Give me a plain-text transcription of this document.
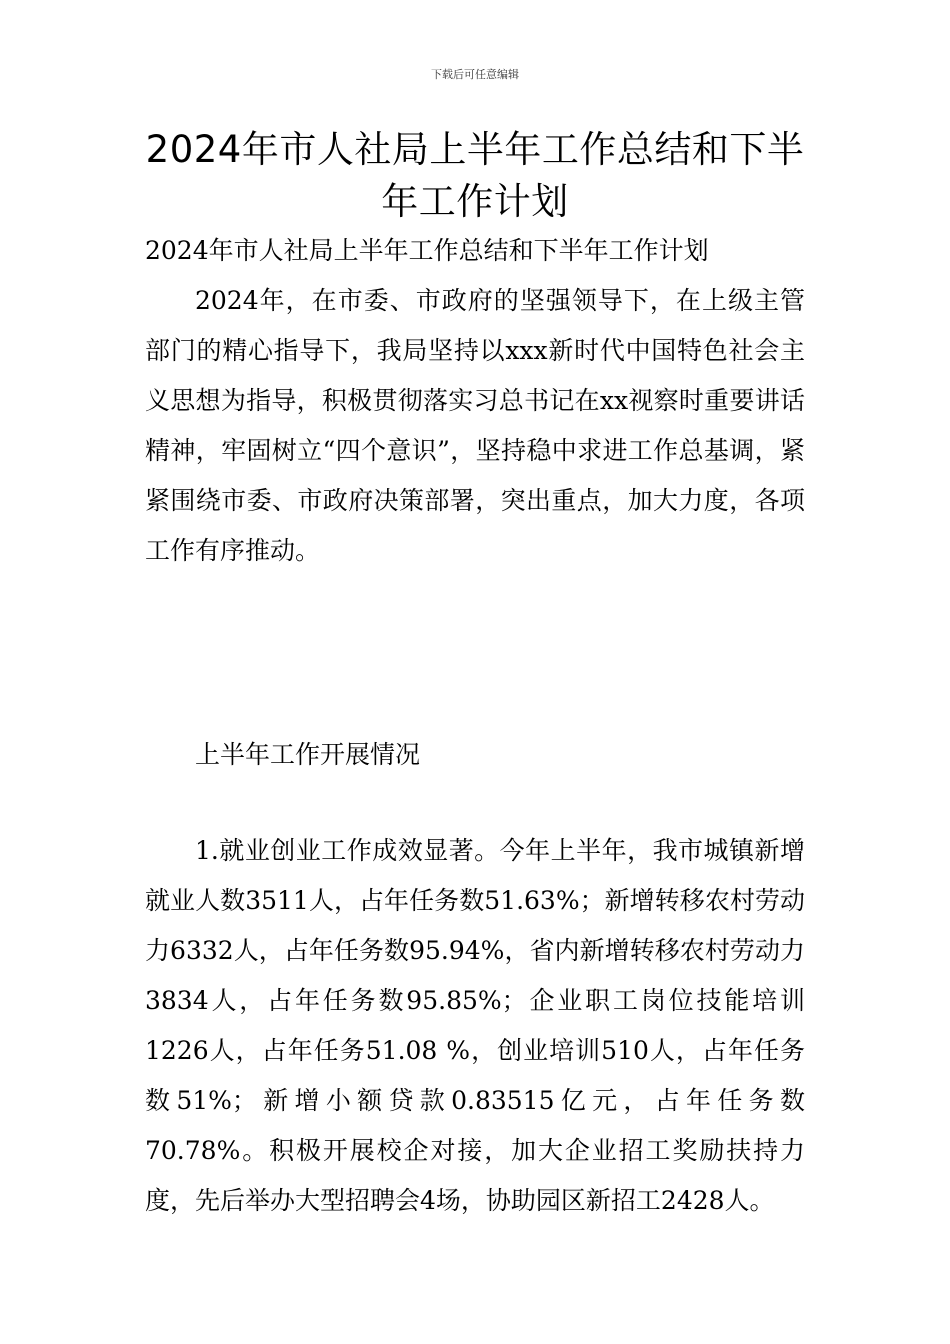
下载后可任意编辑
2024年市人社局上半年工作总结和下半年工作计划

2024年市人社局上半年工作总结和下半年工作计划

2024年，在市委、市政府的坚强领导下，在上级主管部门的精心指导下，我局坚持以xxx新时代中国特色社会主义思想为指导，积极贯彻落实习总书记在xx视察时重要讲话精神，牢固树立“四个意识”，坚持稳中求进工作总基调，紧紧围绕市委、市政府决策部署，突出重点，加大力度，各项工作有序推动。

上半年工作开展情况

1.就业创业工作成效显著。今年上半年，我市城镇新增就业人数3511人，占年任务数51.63%；新增转移农村劳动力6332人，占年任务数95.94%，省内新增转移农村劳动力3834人，占年任务数95.85%；企业职工岗位技能培训1226人，占年任务51.08 %，创业培训510人，占年任务数51%；新增小额贷款0.83515亿元，占年任务数70.78%。积极开展校企对接，加大企业招工奖励扶持力度，先后举办大型招聘会4场，协助园区新招工2428人。
